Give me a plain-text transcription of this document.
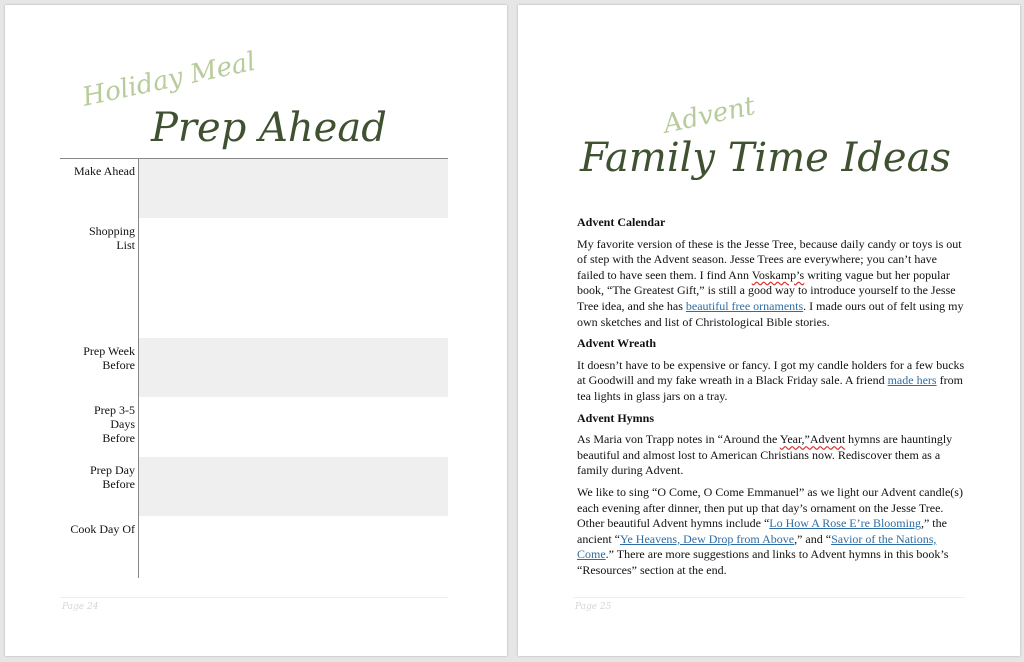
Holiday Meal
Prep Ahead
Make Ahead
Shopping List
Prep Week Before
Prep 3-5 Days Before
Prep Day Before
Cook Day Of
Page 24
Advent
Family Time Ideas
Advent Calendar

My favorite version of these is the Jesse Tree, because daily candy or toys is out of step with the Advent season. Jesse Trees are everywhere; you can’t have failed to have seen them. I find Ann Voskamp’s writing vague but her popular book, “The Greatest Gift,” is still a good way to introduce yourself to the Jesse Tree idea, and she has beautiful free ornaments. I made ours out of felt using my own sketches and list of Christological Bible stories.

Advent Wreath

It doesn’t have to be expensive or fancy. I got my candle holders for a few bucks at Goodwill and my fake wreath in a Black Friday sale. A friend made hers from tea lights in glass jars on a tray.

Advent Hymns

As Maria von Trapp notes in “Around the Year,”Advent hymns are hauntingly beautiful and almost lost to American Christians now. Rediscover them as a family during Advent.

We like to sing “O Come, O Come Emmanuel” as we light our Advent candle(s) each evening after dinner, then put up that day’s ornament on the Jesse Tree. Other beautiful Advent hymns include “Lo How A Rose E’re Blooming,” the ancient “Ye Heavens, Dew Drop from Above,” and “Savior of the Nations, Come.” There are more suggestions and links to Advent hymns in this book’s “Resources” section at the end.

Page 25
